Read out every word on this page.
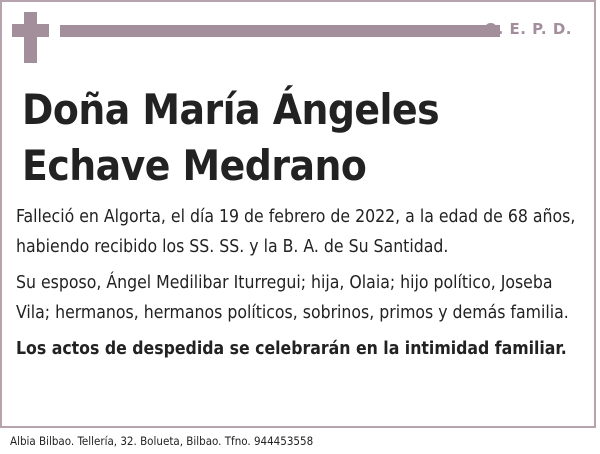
Q. E. P. D.
Doña María Ángeles
Echave Medrano

Falleció en Algorta, el día 19 de febrero de 2022, a la edad de 68 años, habiendo recibido los SS. SS. y la B. A. de Su Santidad.

Su esposo, Ángel Medilibar Iturregui; hija, Olaia; hijo político, Joseba Vila; hermanos, hermanos políticos, sobrinos, primos y demás familia.

Los actos de despedida se celebrarán en la intimidad familiar.

Albia Bilbao. Tellería, 32. Bolueta, Bilbao. Tfno. 944453558
